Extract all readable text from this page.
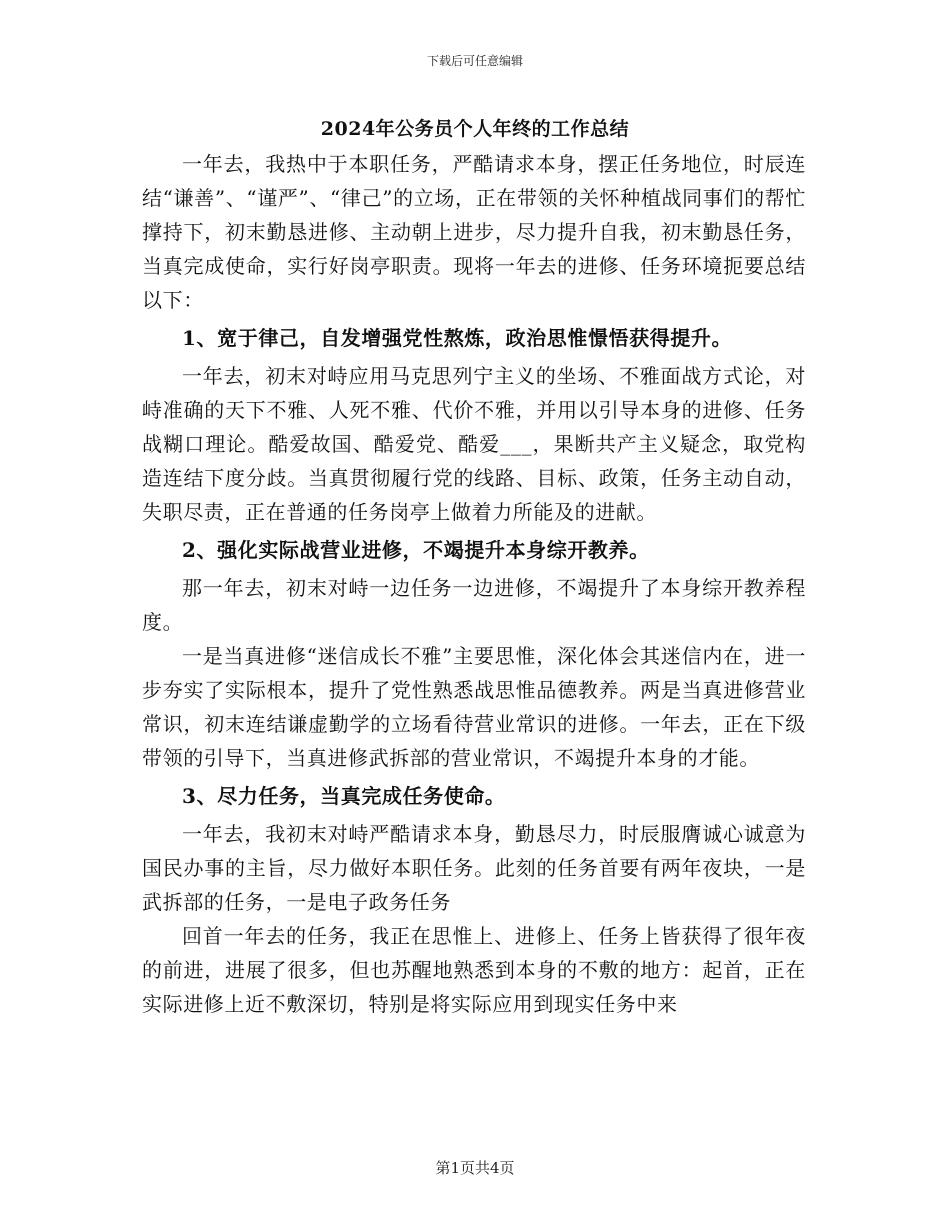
下载后可任意编辑
2024年公务员个人年终的工作总结

一年去，我热中于本职任务，严酷请求本身，摆正任务地位，时辰连结“谦善”、“谨严”、“律己”的立场，正在带领的关怀种植战同事们的帮忙撑持下，初末勤恳进修、主动朝上进步，尽力提升自我，初末勤恳任务，当真完成使命，实行好岗亭职责。现将一年去的进修、任务环境扼要总结以下：

1、宽于律己，自发增强党性熬炼，政治思惟憬悟获得提升。

一年去，初末对峙应用马克思列宁主义的坐场、不雅面战方式论，对峙准确的天下不雅、人死不雅、代价不雅，并用以引导本身的进修、任务战糊口理论。酷爱故国、酷爱党、酷爱___，果断共产主义疑念，取党构造连结下度分歧。当真贯彻履行党的线路、目标、政策，任务主动自动，失职尽责，正在普通的任务岗亭上做着力所能及的进献。

2、强化实际战营业进修，不竭提升本身综开教养。

那一年去，初末对峙一边任务一边进修，不竭提升了本身综开教养程度。

一是当真进修“迷信成长不雅”主要思惟，深化体会其迷信内在，进一步夯实了实际根本，提升了党性熟悉战思惟品德教养。两是当真进修营业常识，初末连结谦虚勤学的立场看待营业常识的进修。一年去，正在下级带领的引导下，当真进修武拆部的营业常识，不竭提升本身的才能。

3、尽力任务，当真完成任务使命。

一年去，我初末对峙严酷请求本身，勤恳尽力，时辰服膺诚心诚意为国民办事的主旨，尽力做好本职任务。此刻的任务首要有两年夜块，一是武拆部的任务，一是电子政务任务

回首一年去的任务，我正在思惟上、进修上、任务上皆获得了很年夜的前进，进展了很多，但也苏醒地熟悉到本身的不敷的地方：起首，正在实际进修上近不敷深切，特别是将实际应用到现实任务中来

第1页共4页
